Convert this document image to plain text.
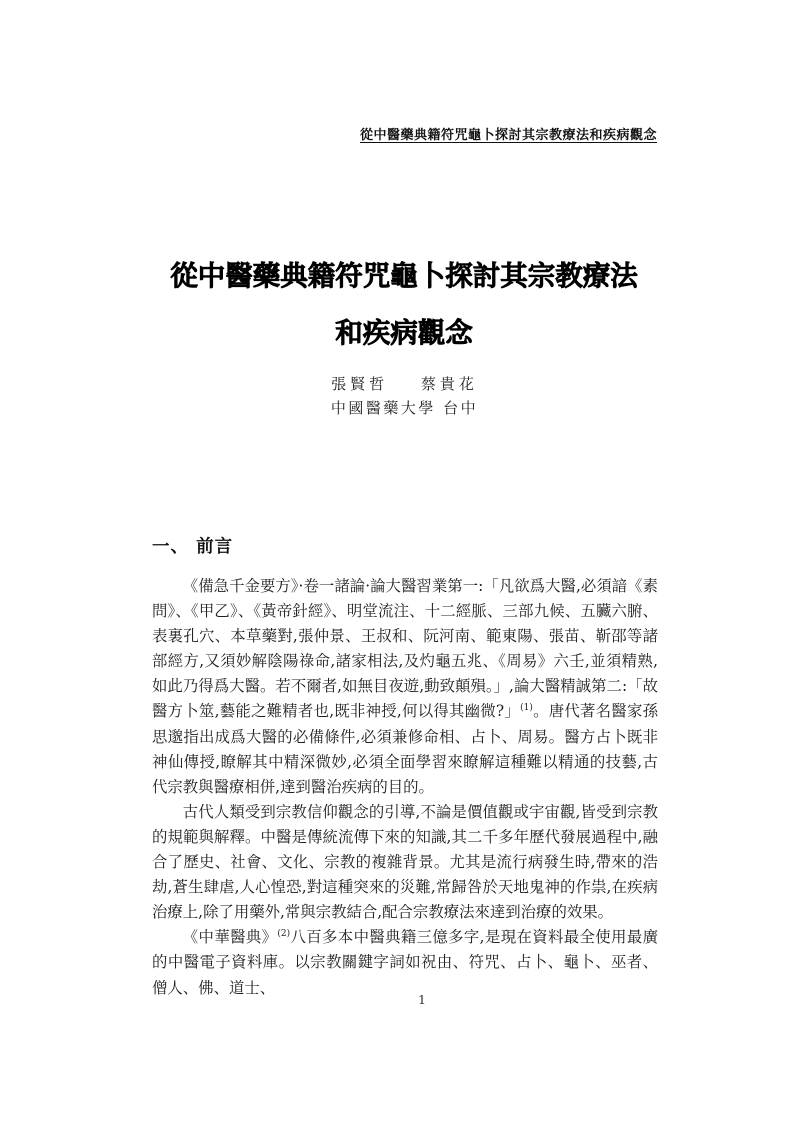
從中醫藥典籍符咒龜卜探討其宗教療法和疾病觀念
從中醫藥典籍符咒龜卜探討其宗教療法
和疾病觀念
張賢哲 蔡貴花
中國醫藥大學 台中
一、 前言

《備急千金要方》·卷一諸論·論大醫習業第一:「凡欲爲大醫,必須諳《素問》、《甲乙》、《黃帝針經》、明堂流注、十二經脈、三部九候、五臟六腑、表裏孔穴、本草藥對,張仲景、王叔和、阮河南、範東陽、張苗、靳邵等諸部經方,又須妙解陰陽祿命,諸家相法,及灼龜五兆、《周易》六壬,並須精熟,如此乃得爲大醫。若不爾者,如無目夜遊,動致顛殞。」,論大醫精誠第二:「故醫方卜筮,藝能之難精者也,既非神授,何以得其幽微?」$^{(1)}$。唐代著名醫家孫思邈指出成爲大醫的必備條件,必須兼修命相、占卜、周易。醫方占卜既非神仙傳授,瞭解其中精深微妙,必須全面學習來瞭解這種難以精通的技藝,古代宗教與醫療相併,達到醫治疾病的目的。

古代人類受到宗教信仰觀念的引導,不論是價值觀或宇宙觀,皆受到宗教的規範與解釋。中醫是傳統流傳下來的知識,其二千多年歷代發展過程中,融合了歷史、社會、文化、宗教的複雜背景。尤其是流行病發生時,帶來的浩劫,蒼生肆虐,人心惶恐,對這種突來的災難,常歸咎於天地鬼神的作祟,在疾病治療上,除了用藥外,常與宗教結合,配合宗教療法來達到治療的效果。

《中華醫典》$^{(2)}$八百多本中醫典籍三億多字,是現在資料最全使用最廣的中醫電子資料庫。以宗教關鍵字詞如祝由、符咒、占卜、龜卜、巫者、僧人、佛、道士、

1
